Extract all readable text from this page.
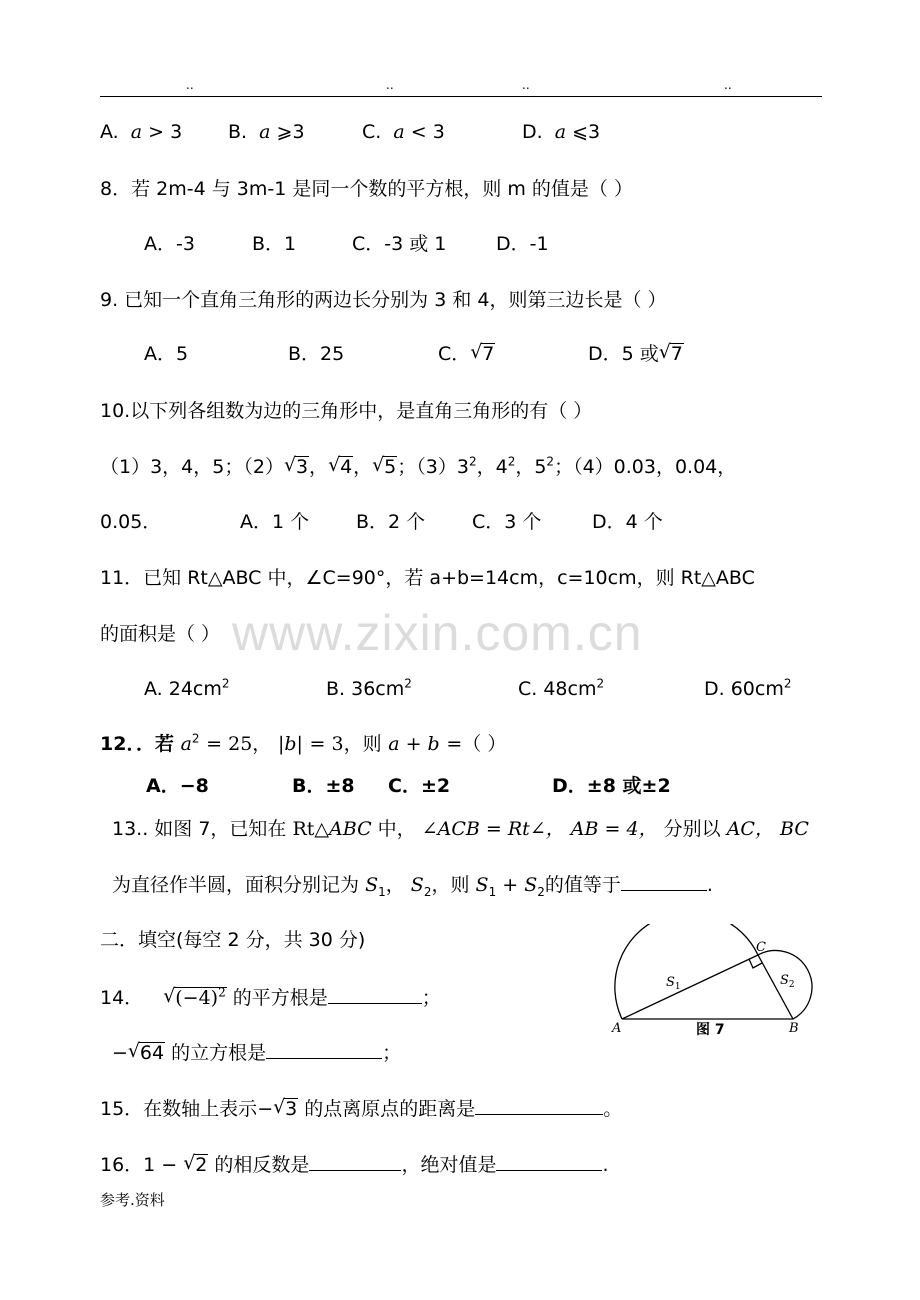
..	..	..	..
www.zixin.com.cn
A.  a > 3 B.  a ⩾3	C.  a < 3	D.  a ⩽3
8．若 2m-4 与 3m-1 是同一个数的平方根，则 m 的值是（ ）
A．-3	B．1	C．-3 或 1	D．-1
9. 已知一个直角三角形的两边长分别为 3 和 4，则第三边长是（ ）
A．5	B．25	C． √ 7	D．5 或 √ 7
10.以下列各组数为边的三角形中，是直角三角形的有（ ）
（1）3，4，5；（2） √ 3， √ 4， √ 5；$(3)3^2$，$4^2$，$5^2$；（4）0.03，0.04，
0.05．	A．1 个 B．2 个 C．3 个	D．4 个
11．已知 Rt△ABC 中，∠C=90°，若 a+b=14cm，c=10cm，则 Rt△ABC
的面积是（ ）
A. $24cm^2$	B. $36cm^2$	C. $48cm^2$	D. $60cm^2$
12．．若 $a^2 = 25$， |b| = 3，则 a + b =（ ）
A．−8	B．±8 C．±2	D．±8 或±2
13.. 如图 7，已知在 Rt△ABC 中， ∠ACB = Rt∠， AB = 4， 分别以 AC， BC
为直径作半圆，面积分别记为 $S_1$， $S_2$，则 $S_1 + S_2$的值等于	.
二．填空(每空 2 分，共 30 分)
14． √ $(-4)^2$ 的平方根是	；
− √ 64 的立方根是	；
15．在数轴上表示− √ 3 的点离原点的距离是	。
16．1 − √ 2 的相反数是	，绝对值是	.
A	B
C
$S_1$	$S_2$
图 7
参考.资料
